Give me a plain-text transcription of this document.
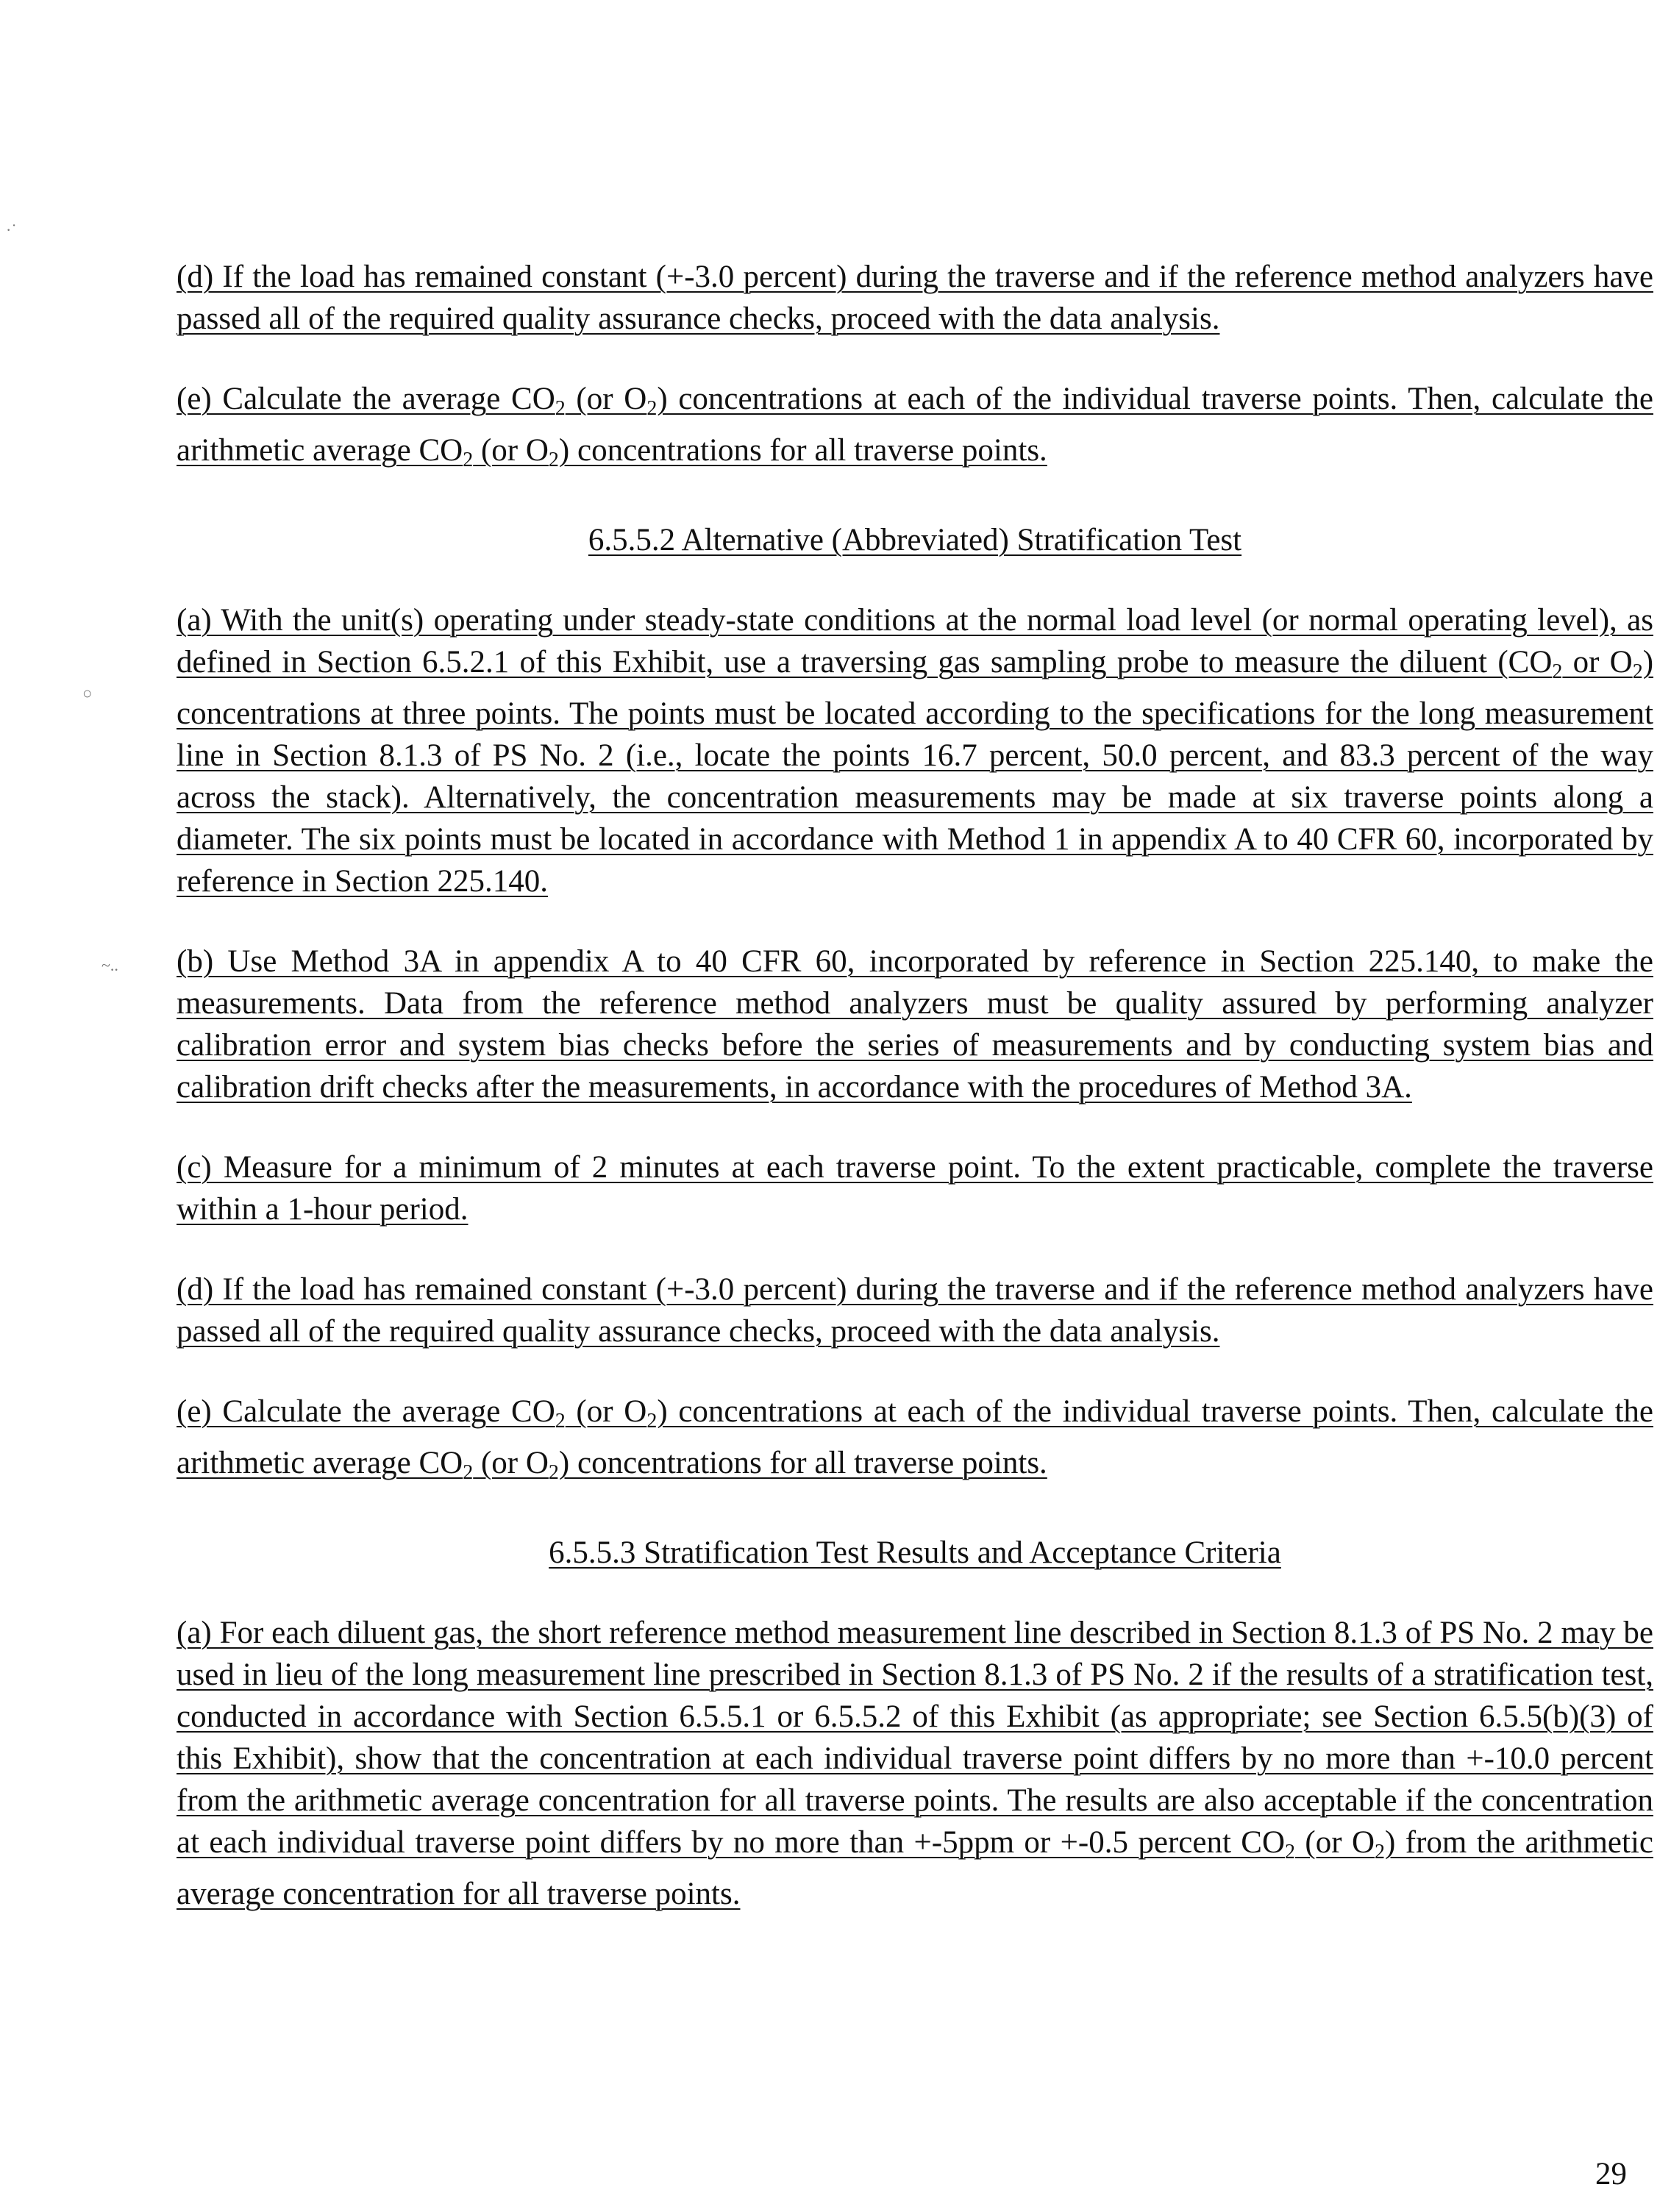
(d) If the load has remained constant (+-3.0 percent) during the traverse and if the reference method analyzers have passed all of the required quality assurance checks, proceed with the data analysis.
(e) Calculate the average $CO_2$ (or $O_2$) concentrations at each of the individual traverse points. Then, calculate the arithmetic average $CO_2$ (or $O_2$) concentrations for all traverse points.
6.5.5.2 Alternative (Abbreviated) Stratification Test
(a) With the unit(s) operating under steady-state conditions at the normal load level (or normal operating level), as defined in Section 6.5.2.1 of this Exhibit, use a traversing gas sampling probe to measure the diluent ($CO_2$ or $O_2$) concentrations at three points. The points must be located according to the specifications for the long measurement line in Section 8.1.3 of PS No. 2 (i.e., locate the points 16.7 percent, 50.0 percent, and 83.3 percent of the way across the stack). Alternatively, the concentration measurements may be made at six traverse points along a diameter. The six points must be located in accordance with Method 1 in appendix A to 40 CFR 60, incorporated by reference in Section 225.140.
(b) Use Method 3A in appendix A to 40 CFR 60, incorporated by reference in Section 225.140, to make the measurements. Data from the reference method analyzers must be quality assured by performing analyzer calibration error and system bias checks before the series of measurements and by conducting system bias and calibration drift checks after the measurements, in accordance with the procedures of Method 3A.
(c) Measure for a minimum of 2 minutes at each traverse point. To the extent practicable, complete the traverse within a 1-hour period.
(d) If the load has remained constant (+-3.0 percent) during the traverse and if the reference method analyzers have passed all of the required quality assurance checks, proceed with the data analysis.
(e) Calculate the average $CO_2$ (or $O_2$) concentrations at each of the individual traverse points. Then, calculate the arithmetic average $CO_2$ (or $O_2$) concentrations for all traverse points.
6.5.5.3 Stratification Test Results and Acceptance Criteria
(a) For each diluent gas, the short reference method measurement line described in Section 8.1.3 of PS No. 2 may be used in lieu of the long measurement line prescribed in Section 8.1.3 of PS No. 2 if the results of a stratification test, conducted in accordance with Section 6.5.5.1 or 6.5.5.2 of this Exhibit (as appropriate; see Section 6.5.5(b)(3) of this Exhibit), show that the concentration at each individual traverse point differs by no more than +-10.0 percent from the arithmetic average concentration for all traverse points. The results are also acceptable if the concentration at each individual traverse point differs by no more than +-5ppm or +-0.5 percent $CO_2$ (or $O_2$) from the arithmetic average concentration for all traverse points.
29
·˙
○
~..
